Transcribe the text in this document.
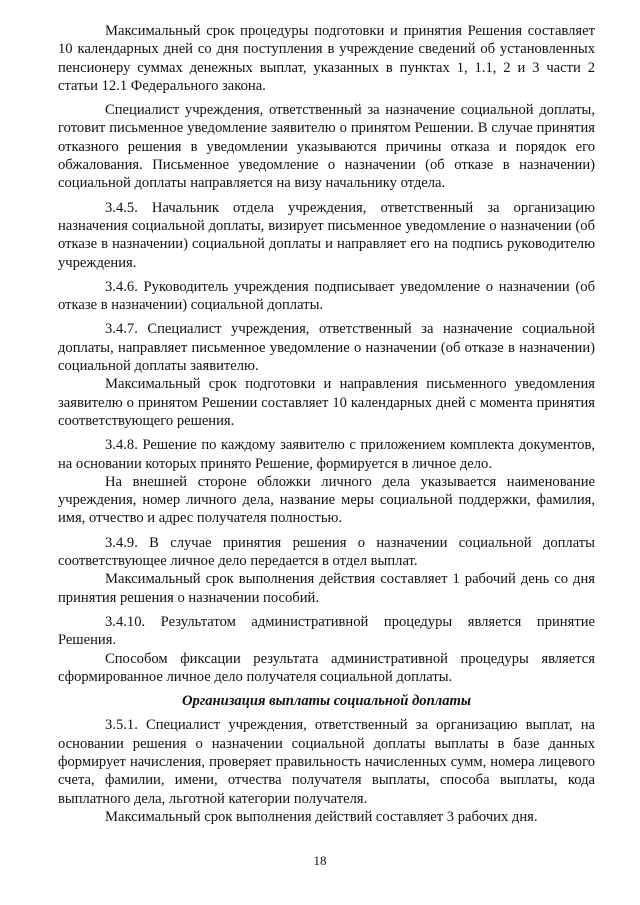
Максимальный срок процедуры подготовки и принятия Решения составляет 10 календарных дней со дня поступления в учреждение сведений об установленных пенсионеру суммах денежных выплат, указанных в пунктах 1, 1.1, 2 и 3 части 2 статьи 12.1 Федерального закона.

Специалист учреждения, ответственный за назначение социальной доплаты, готовит письменное уведомление заявителю о принятом Решении. В случае принятия отказного решения в уведомлении указываются причины отказа и порядок его обжалования. Письменное уведомление о назначении (об отказе в назначении) социальной доплаты направляется на визу начальнику отдела.

3.4.5. Начальник отдела учреждения, ответственный за организацию назначения социальной доплаты, визирует письменное уведомление о назначении (об отказе в назначении) социальной доплаты и направляет его на подпись руководителю учреждения.

3.4.6. Руководитель учреждения подписывает уведомление о назначении (об отказе в назначении) социальной доплаты.

3.4.7. Специалист учреждения, ответственный за назначение социальной доплаты, направляет письменное уведомление о назначении (об отказе в назначении) социальной доплаты заявителю.

Максимальный срок подготовки и направления письменного уведомления заявителю о принятом Решении составляет 10 календарных дней с момента принятия соответствующего решения.

3.4.8. Решение по каждому заявителю с приложением комплекта документов, на основании которых принято Решение, формируется в личное дело.

На внешней стороне обложки личного дела указывается наименование учреждения, номер личного дела, название меры социальной поддержки, фамилия, имя, отчество и адрес получателя полностью.

3.4.9. В случае принятия решения о назначении социальной доплаты соответствующее личное дело передается в отдел выплат.

Максимальный срок выполнения действия составляет 1 рабочий день со дня принятия решения о назначении пособий.

3.4.10. Результатом административной процедуры является принятие Решения.

Способом фиксации результата административной процедуры является сформированное личное дело получателя социальной доплаты.

Организация выплаты социальной доплаты

3.5.1. Специалист учреждения, ответственный за организацию выплат, на основании решения о назначении социальной доплаты выплаты в базе данных формирует начисления, проверяет правильность начисленных сумм, номера лицевого счета, фамилии, имени, отчества получателя выплаты, способа выплаты, кода выплатного дела, льготной категории получателя.

Максимальный срок выполнения действий составляет 3 рабочих дня.

18
